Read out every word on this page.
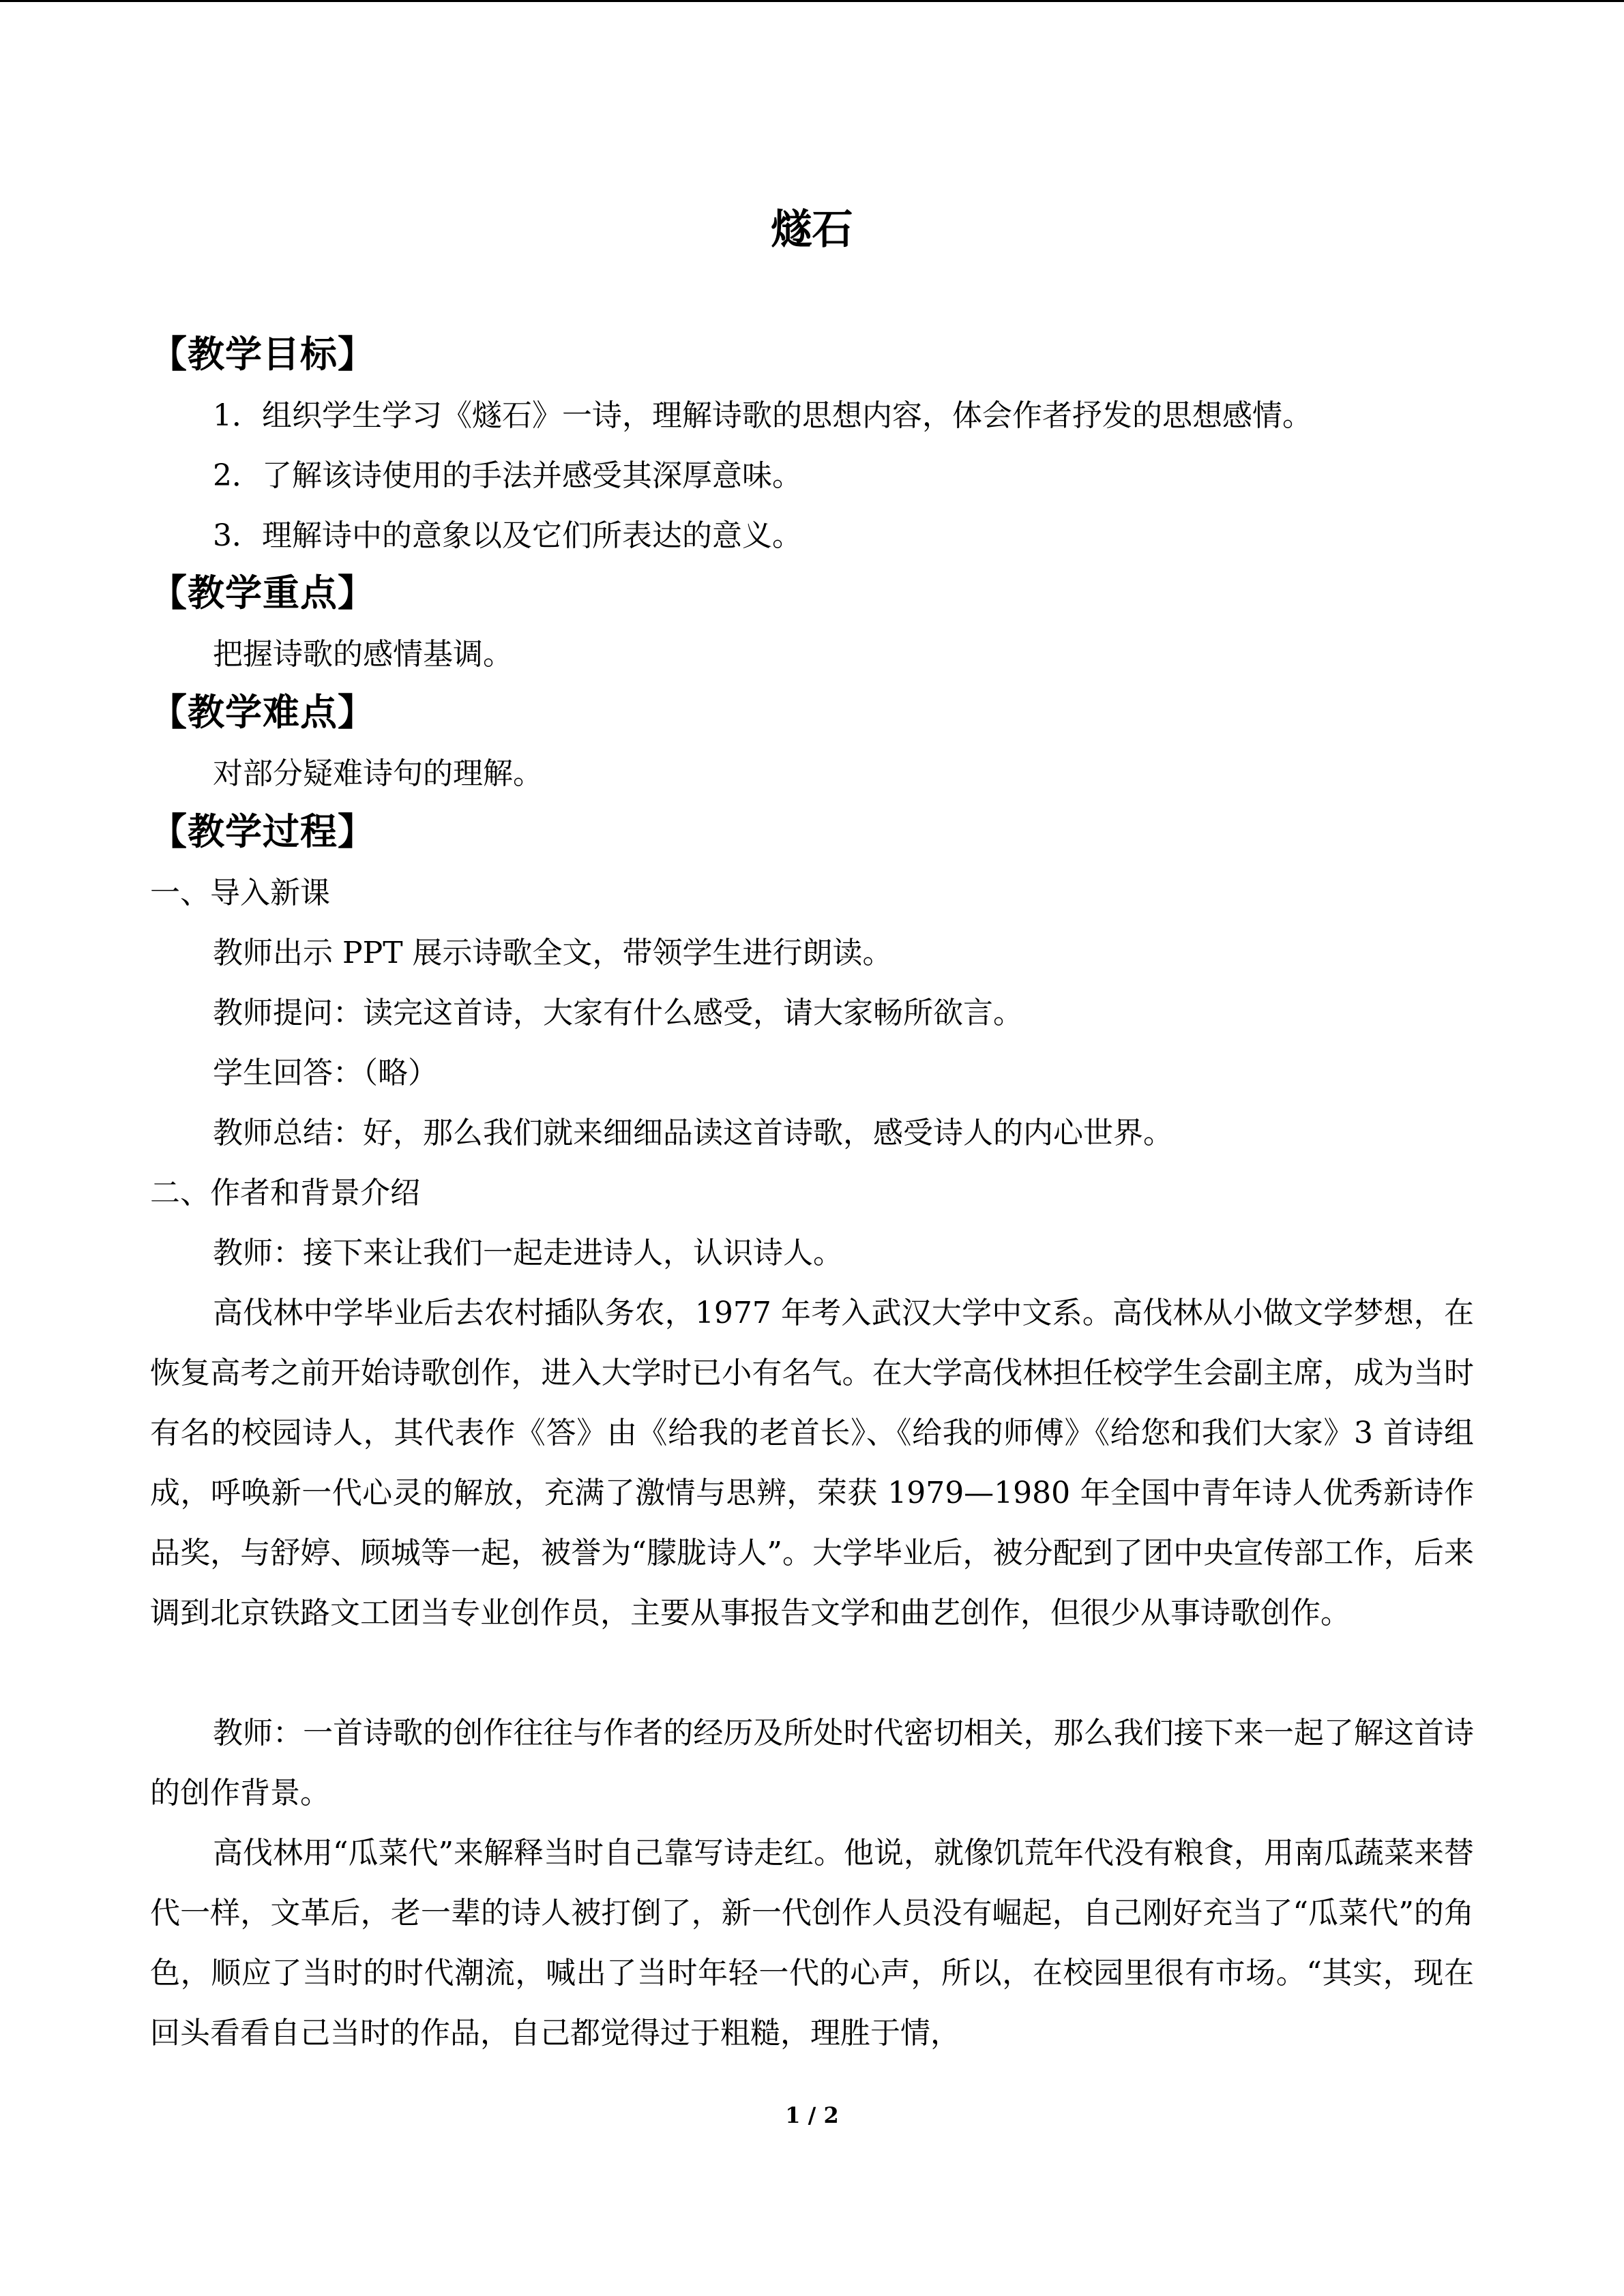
燧石
【教学目标】
1．组织学生学习《燧石》一诗，理解诗歌的思想内容，体会作者抒发的思想感情。
2．了解该诗使用的手法并感受其深厚意味。
3．理解诗中的意象以及它们所表达的意义。
【教学重点】
把握诗歌的感情基调。
【教学难点】
对部分疑难诗句的理解。
【教学过程】
一、导入新课
教师出示 PPT 展示诗歌全文，带领学生进行朗读。
教师提问：读完这首诗，大家有什么感受，请大家畅所欲言。
学生回答：（略）
教师总结：好，那么我们就来细细品读这首诗歌，感受诗人的内心世界。
二、作者和背景介绍
教师：接下来让我们一起走进诗人，认识诗人。
高伐林中学毕业后去农村插队务农，1977 年考入武汉大学中文系。高伐林从小做文学梦想，在恢复高考之前开始诗歌创作，进入大学时已小有名气。在大学高伐林担任校学生会副主席，成为当时有名的校园诗人，其代表作《答》由《给我的老首长》、《给我的师傅》《给您和我们大家》3 首诗组成，呼唤新一代心灵的解放，充满了激情与思辨，荣获 1979—1980 年全国中青年诗人优秀新诗作品奖，与舒婷、顾城等一起，被誉为“朦胧诗人”。大学毕业后，被分配到了团中央宣传部工作，后来调到北京铁路文工团当专业创作员，主要从事报告文学和曲艺创作，但很少从事诗歌创作。
教师：一首诗歌的创作往往与作者的经历及所处时代密切相关，那么我们接下来一起了解这首诗的创作背景。
高伐林用“瓜菜代”来解释当时自己靠写诗走红。他说，就像饥荒年代没有粮食，用南瓜蔬菜来替代一样，文革后，老一辈的诗人被打倒了，新一代创作人员没有崛起，自己刚好充当了“瓜菜代”的角色，顺应了当时的时代潮流，喊出了当时年轻一代的心声，所以，在校园里很有市场。“其实，现在回头看看自己当时的作品，自己都觉得过于粗糙，理胜于情，
1 / 2
